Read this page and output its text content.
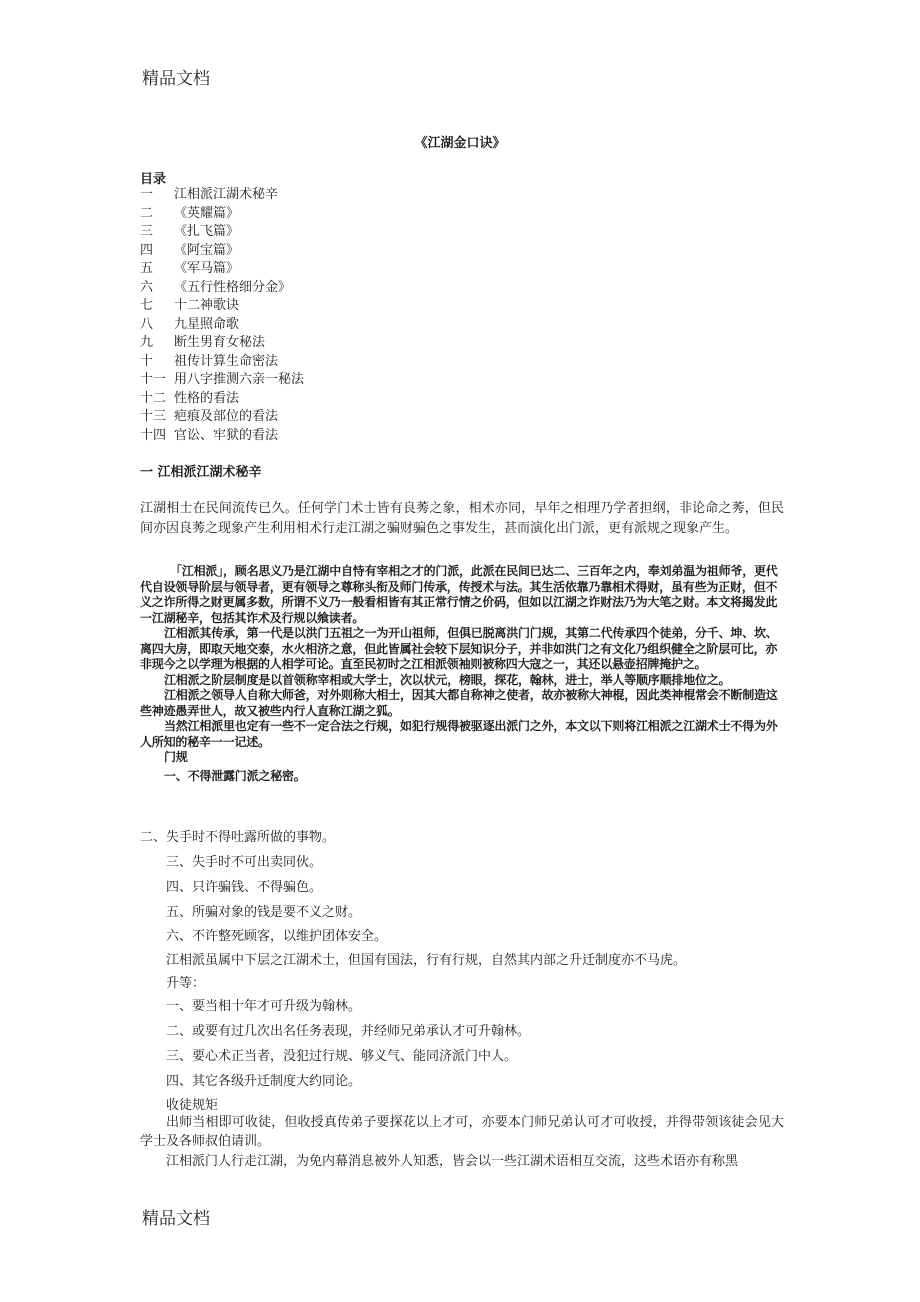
精品文档
《江湖金口诀》
目录
一 江相派江湖术秘辛
二 《英耀篇》
三 《扎飞篇》
四 《阿宝篇》
五 《军马篇》
六 《五行性格细分金》
七 十二神歌诀
八 九星照命歌
九 断生男育女秘法
十 祖传计算生命密法
十一 用八字推测六亲一秘法
十二 性格的看法
十三 疤痕及部位的看法
十四 官讼、牢狱的看法
一 江相派江湖术秘辛

江湖相士在民间流传已久。任何学门术士皆有良莠之象，相术亦同，早年之相理乃学者担纲，非论命之莠，但民间亦因良莠之现象产生利用相术行走江湖之骗财骗色之事发生，甚而演化出门派，更有派规之现象产生。

「江相派」，顾名思义乃是江湖中自恃有宰相之才的门派，此派在民间已达二、三百年之内，奉刘弟温为祖师爷，更代代自设领导阶层与领导者，更有领导之尊称头衔及师门传承，传授术与法。其生活依靠乃靠相术得财，虽有些为正财，但不义之诈所得之财更属多数，所谓不义乃一般看相皆有其正常行情之价码，但如以江湖之诈财法乃为大笔之财。本文将揭发此一江湖秘辛，包括其诈术及行规以飨读者。
江相派其传承，第一代是以洪门五祖之一为开山祖师，但俱已脱离洪门门规，其第二代传承四个徒弟，分千、坤、坎、离四大房，即取天地交泰，水火相济之意，但此皆属社会较下层知识分子，并非如洪门之有文化乃组织健全之阶层可比，亦非现今之以学理为根据的人相学可论。直至民初时之江相派领袖则被称四大寇之一，其还以悬壶招牌掩护之。
江相派之阶层制度是以首领称宰相或大学士，次以状元，榜眼，探花，翰林，进士，举人等顺序顺排地位之。
江相派之领导人自称大师爸，对外则称大相士，因其大都自称神之使者，故亦被称大神棍，因此类神棍常会不断制造这些神迹愚弄世人，故又被些内行人直称江湖之狐。
当然江相派里也定有一些不一定合法之行规，如犯行规得被驱逐出派门之外，本文以下则将江相派之江湖术士不得为外人所知的秘辛一一记述。
门规
一、不得泄露门派之秘密。
二、失手时不得吐露所做的事物。
三、失手时不可出卖同伙。
四、只许骗钱、不得骗色。
五、所骗对象的钱是要不义之财。
六、不许整死顾客，以维护团体安全。
江相派虽属中下层之江湖术士，但国有国法，行有行规，自然其内部之升迁制度亦不马虎。
升等：
一、要当相十年才可升级为翰林。
二、或要有过几次出名任务表现，并经师兄弟承认才可升翰林。
三、要心术正当者，没犯过行规、够义气、能同济派门中人。
四、其它各级升迁制度大约同论。
收徒规矩

出师当相即可收徒，但收授真传弟子要探花以上才可，亦要本门师兄弟认可才可收授，并得带领该徒会见大学士及各师叔伯请训。

江相派门人行走江湖，为免内幕消息被外人知悉，皆会以一些江湖术语相互交流，这些术语亦有称黑

精品文档
